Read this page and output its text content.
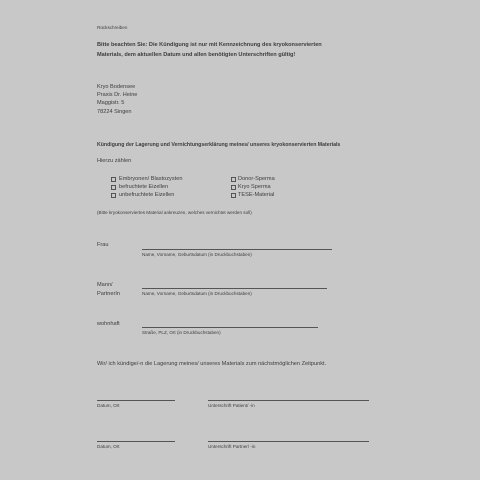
Rückschreiben
Bitte beachten Sie: Die Kündigung ist nur mit Kennzeichnung des kryokonservierten
Materials, dem aktuellen Datum und allen benötigten Unterschriften gültig!
Kryo Bodensee
Praxis Dr. Heine
Maggistr. 5
78224 Singen
Kündigung der Lagerung und Vernichtungserklärung meines/ unseres kryokonservierten Materials
Hierzu zählen
Embryonen/ Blastozysten
befruchtete Eizellen
unbefruchtete Eizellen
Donor-Sperma
Kryo Sperma
TESE-Material
(Bitte kryokonserviertes Material ankreuzen, welches vernichtet werden soll)
Frau
Name, Vorname, Geburtsdatum (in Druckbuchstaben)
Mann/
PartnerIn	Name, Vorname, Geburtsdatum (in Druckbuchstaben)
wohnhaft
Straße, PLZ, Ort (in Druckbuchstaben)
Wir/ ich kündige/-n die Lagerung meines/ unseres Materials zum nächstmöglichen Zeitpunkt.
Datum, Ort	Unterschrift Patient/ -in
Datum, Ort	Unterschrift Partner/ -in
